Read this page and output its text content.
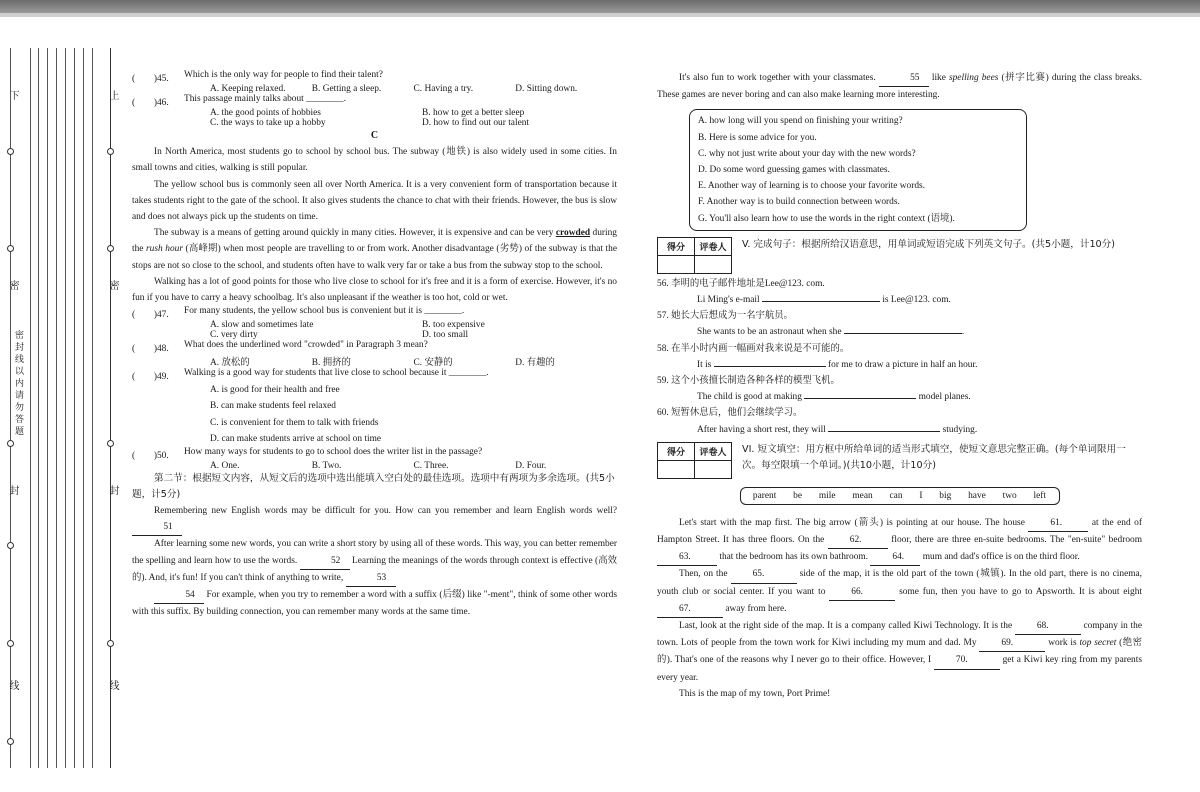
下
密
密封线以内请勿答题
封
线
上
密
封
线
(　　)45.	Which is the only way for people to find their talent?
A. Keeping relaxed.	B. Getting a sleep.	C. Having a try.	D. Sitting down.
(　　)46.	This passage mainly talks about ________.
A. the good points of hobbies	B. how to get a better sleep
C. the ways to take up a hobby	D. how to find out our talent

C

In North America, most students go to school by school bus. The subway (地铁) is also widely used in some cities. In small towns and cities, walking is still popular.

The yellow school bus is commonly seen all over North America. It is a very convenient form of transportation because it takes students right to the gate of the school. It also gives students the chance to chat with their friends. However, the bus is slow and does not always pick up the students on time.

The subway is a means of getting around quickly in many cities. However, it is expensive and can be very crowded during the rush hour (高峰期) when most people are travelling to or from work. Another disadvantage (劣势) of the subway is that the stops are not so close to the school, and students often have to walk very far or take a bus from the subway stop to the school.

Walking has a lot of good points for those who live close to school for it's free and it is a form of exercise. However, it's no fun if you have to carry a heavy schoolbag. It's also unpleasant if the weather is too hot, cold or wet.

(　　)47.	For many students, the yellow school bus is convenient but it is ________.
A. slow and sometimes late	B. too expensive
C. very dirty	D. too small
(　　)48.	What does the underlined word "crowded" in Paragraph 3 mean?
A. 放松的	B. 拥挤的	C. 安静的	D. 有趣的
(　　)49.	Walking is a good way for students that live close to school because it ________.

A. is good for their health and free

B. can make students feel relaxed

C. is convenient for them to talk with friends

D. can make students arrive at school on time

(　　)50.	How many ways for students to go to school does the writer list in the passage?
A. One.	B. Two.	C. Three.	D. Four.

第二节：根据短文内容，从短文后的选项中选出能填入空白处的最佳选项。选项中有两项为多余选项。(共5小题，计5分)

Remembering new English words may be difficult for you. How can you remember and learn English words well? 51

After learning some new words, you can write a short story by using all of these words. This way, you can better remember the spelling and learn how to use the words.	52 Learning the meanings of the words through context is effective (高效的). And, it's fun! If you can't think of anything to write,	53

54 For example, when you try to remember a word with a suffix (后缀) like "-ment", think of some other words with this suffix. By building connection, you can remember many words at the same time.

It's also fun to work together with your classmates.	55 like spelling bees (拼字比赛) during the class breaks. These games are never boring and can also make learning more interesting.

A. how long will you spend on finishing your writing?

B. Here is some advice for you.

C. why not just write about your day with the new words?

D. Do some word guessing games with classmates.

E. Another way of learning is to choose your favorite words.

F. Another way is to build connection between words.

G. You'll also learn how to use the words in the right context (语境).

得分	评卷人
	V. 完成句子：根据所给汉语意思，用单词或短语完成下列英文句子。(共5小题，计10分)

56. 李明的电子邮件地址是Lee@123. com.

Li Ming's e-mail	is Lee@123. com.

57. 她长大后想成为一名宇航员。

She wants to be an astronaut when she	.

58. 在半小时内画一幅画对我来说是不可能的。

It is	for me to draw a picture in half an hour.

59. 这个小孩擅长制造各种各样的模型飞机。

The child is good at making	model planes.

60. 短暂休息后，他们会继续学习。

After having a short rest, they will	studying.

得分	评卷人
	VI. 短文填空：用方框中所给单词的适当形式填空，使短文意思完整正确。(每个单词限用一次。每空限填一个单词。)(共10小题，计10分)

parent be mile mean can I big have two left

Let's start with the map first. The big arrow (箭头) is pointing at our house. The house	61.	at the end of Hampton Street. It has three floors. On the	62.	floor, there are three en-suite bedrooms. The "en-suite" bedroom 63.	that the bedroom has its own bathroom.	64. mum and dad's office is on the third floor.

Then, on the	65.	side of the map, it is the old part of the town (城镇). In the old part, there is no cinema, youth club or social center. If you want to	66.	some fun, then you have to go to Apsworth. It is about eight 67.	away from here.

Last, look at the right side of the map. It is a company called Kiwi Technology. It is the	68.	company in the town. Lots of people from the town work for Kiwi including my mum and dad. My	69.	work is top secret (绝密的). That's one of the reasons why I never go to their office. However, I	70.	get a Kiwi key ring from my parents every year.

This is the map of my town, Port Prime!
